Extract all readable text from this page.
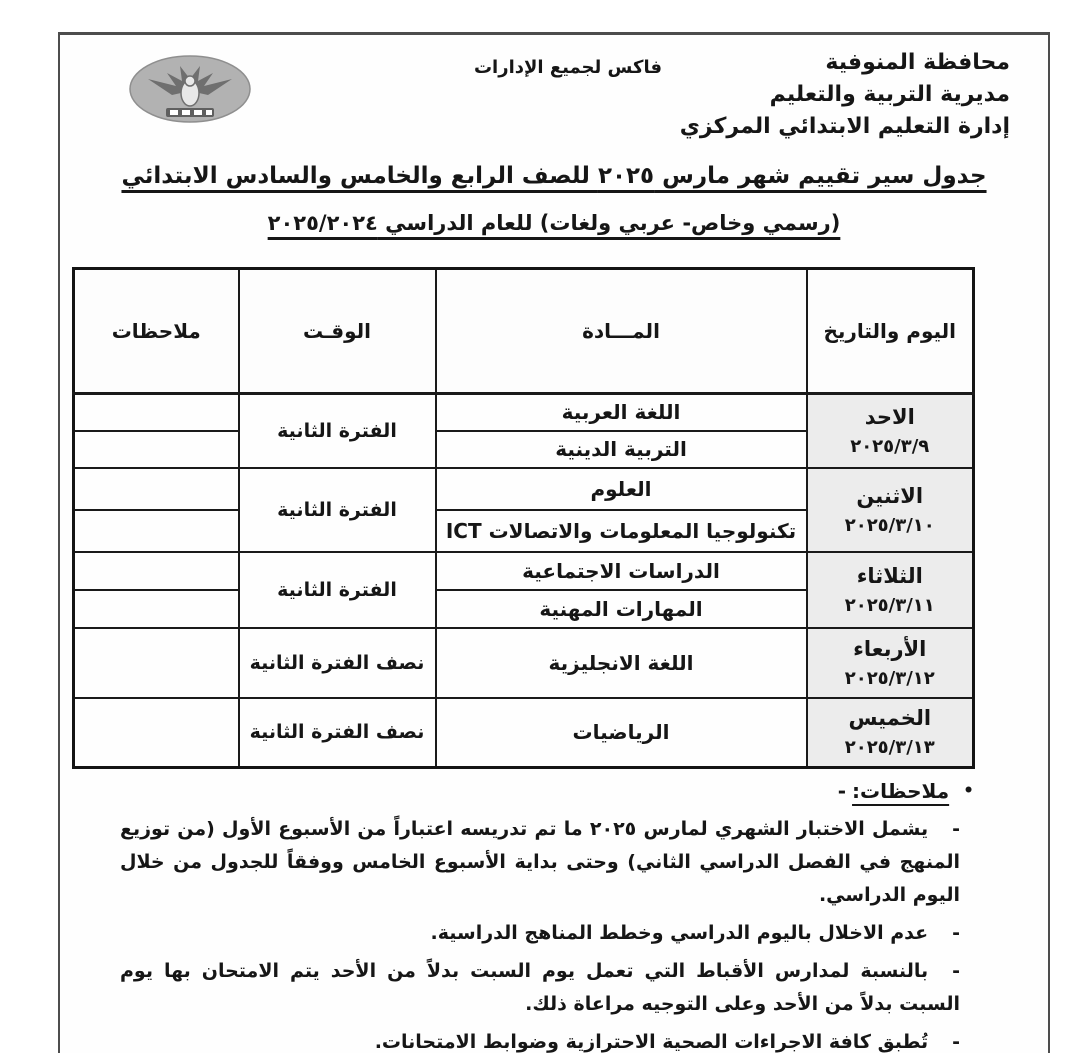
محافظة المنوفية
مديرية التربية والتعليم
إدارة التعليم الابتدائي المركزي
فاكس لجميع الإدارات
جدول سير تقييم شهر مارس ٢٠٢٥ للصف الرابع والخامس والسادس الابتدائي
(رسمي وخاص- عربي ولغات) للعام الدراسي ٢٠٢٥/٢٠٢٤
اليوم والتاريخ	المـــادة	الوقـت	ملاحظات

الاحد
٢٠٢٥/٣/٩	اللغة العربية	الفترة الثانية	
	التربية الدينية		

الاثنين
٢٠٢٥/٣/١٠	العلوم	الفترة الثانية	
	تكنولوجيا المعلومات والاتصالات ICT		

الثلاثاء
٢٠٢٥/٣/١١	الدراسات الاجتماعية	الفترة الثانية	
	المهارات المهنية		

الأربعاء
٢٠٢٥/٣/١٢	اللغة الانجليزية	نصف الفترة الثانية	

الخميس
٢٠٢٥/٣/١٣	الرياضيات	نصف الفترة الثانية	
•ملاحظات:-

-يشمل الاختبار الشهري لمارس ٢٠٢٥ ما تم تدريسه اعتباراً من الأسبوع الأول (من توزيع المنهج في الفصل الدراسي الثاني) وحتى بداية الأسبوع الخامس ووفقاً للجدول من خلال اليوم الدراسي.

-عدم الاخلال باليوم الدراسي وخطط المناهج الدراسية.

-بالنسبة لمدارس الأقباط التي تعمل يوم السبت بدلاً من الأحد يتم الامتحان بها يوم السبت بدلاً من الأحد وعلى التوجيه مراعاة ذلك.

-تُطبق كافة الاجراءات الصحية الاحترازية وضوابط الامتحانات.
